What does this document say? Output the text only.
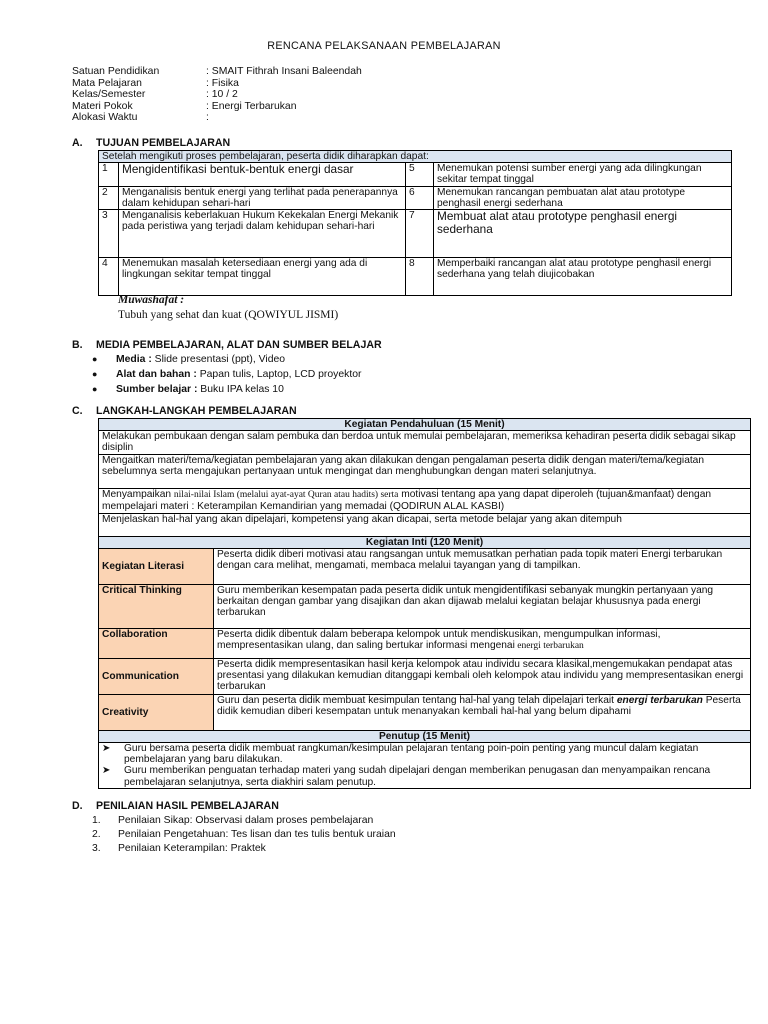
RENCANA PELAKSANAAN PEMBELAJARAN
Satuan Pendidikan	: SMAIT Fithrah Insani Baleendah
Mata Pelajaran	: Fisika
Kelas/Semester	: 10 / 2
Materi Pokok	: Energi Terbarukan
Alokasi Waktu	:
A. TUJUAN PEMBELAJARAN
Setelah mengikuti proses pembelajaran, peserta didik diharapkan dapat:			
1	Mengidentifikasi bentuk-bentuk energi dasar	5	Menemukan potensi sumber energi yang ada dilingkungan sekitar tempat tinggal
2	Menganalisis bentuk energi yang terlihat pada penerapannya dalam kehidupan sehari-hari	6	Menemukan rancangan pembuatan alat atau prototype penghasil energi sederhana
3	Menganalisis keberlakuan Hukum Kekekalan Energi Mekanik pada peristiwa yang terjadi dalam kehidupan sehari-hari	7	Membuat alat atau prototype penghasil energi sederhana
4	Menemukan masalah ketersediaan energi yang ada di lingkungan sekitar tempat tinggal	8	Memperbaiki rancangan alat atau prototype penghasil energi sederhana yang telah diujicobakan
Muwashafat :
Tubuh yang sehat dan kuat (QOWIYUL JISMI)
B. MEDIA PEMBELAJARAN, ALAT DAN SUMBER BELAJAR
● Media : Slide presentasi (ppt), Video
● Alat dan bahan : Papan tulis, Laptop, LCD proyektor
● Sumber belajar : Buku IPA kelas 10
C. LANGKAH-LANGKAH PEMBELAJARAN
Kegiatan Pendahuluan (15 Menit)	
Melakukan pembukaan dengan salam pembuka dan berdoa untuk memulai pembelajaran, memeriksa kehadiran peserta didik sebagai sikap disiplin	
Mengaitkan materi/tema/kegiatan pembelajaran yang akan dilakukan dengan pengalaman peserta didik dengan materi/tema/kegiatan sebelumnya serta mengajukan pertanyaan untuk mengingat dan menghubungkan dengan materi selanjutnya.	
Menyampaikan nilai-nilai Islam (melalui ayat-ayat Quran atau hadits) serta motivasi tentang apa yang dapat diperoleh (tujuan&manfaat) dengan mempelajari materi : Keterampilan Kemandirian yang memadai (QODIRUN ALAL KASBI)	
Menjelaskan hal-hal yang akan dipelajari, kompetensi yang akan dicapai, serta metode belajar yang akan ditempuh	
Kegiatan Inti (120 Menit)	
Kegiatan Literasi	Peserta didik diberi motivasi atau rangsangan untuk memusatkan perhatian pada topik materi Energi terbarukan dengan cara melihat, mengamati, membaca melalui tayangan yang di tampilkan.
Critical Thinking	Guru memberikan kesempatan pada peserta didik untuk mengidentifikasi sebanyak mungkin pertanyaan yang berkaitan dengan gambar yang disajikan dan akan dijawab melalui kegiatan belajar khususnya pada energi terbarukan
Collaboration	Peserta didik dibentuk dalam beberapa kelompok untuk mendiskusikan, mengumpulkan informasi, mempresentasikan ulang, dan saling bertukar informasi mengenai energi terbarukan
Communication	Peserta didik mempresentasikan hasil kerja kelompok atau individu secara klasikal,mengemukakan pendapat atas presentasi yang dilakukan kemudian ditanggapi kembali oleh kelompok atau individu yang mempresentasikan energi terbarukan
Creativity	Guru dan peserta didik membuat kesimpulan tentang hal-hal yang telah dipelajari terkait energi terbarukan Peserta didik kemudian diberi kesempatan untuk menanyakan kembali hal-hal yang belum dipahami
Penutup (15 Menit)	

➤ Guru bersama peserta didik membuat rangkuman/kesimpulan pelajaran tentang poin-poin penting yang muncul dalam kegiatan pembelajaran yang baru dilakukan.
➤ Guru memberikan penguatan terhadap materi yang sudah dipelajari dengan memberikan penugasan dan menyampaikan rencana pembelajaran selanjutnya, serta diakhiri salam penutup.	
D. PENILAIAN HASIL PEMBELAJARAN
1. Penilaian Sikap: Observasi dalam proses pembelajaran
2. Penilaian Pengetahuan: Tes lisan dan tes tulis bentuk uraian
3. Penilaian Keterampilan: Praktek
